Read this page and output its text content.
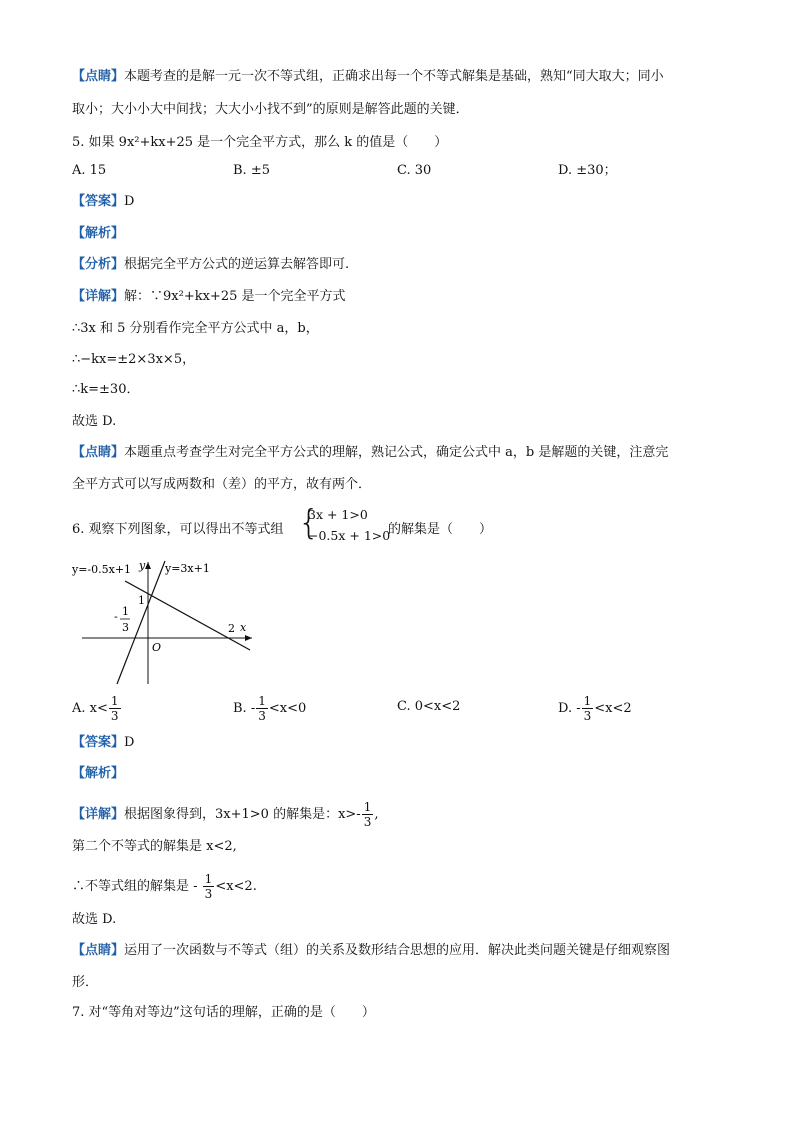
【点睛】本题考查的是解一元一次不等式组，正确求出每一个不等式解集是基础，熟知“同大取大；同小
取小；大小小大中间找；大大小小找不到”的原则是解答此题的关键．
5. 如果 9x²+kx+25 是一个完全平方式，那么 k 的值是（　　）
A. 15	B. ±5	C. 30	D. ±30；
【答案】D
【解析】
【分析】根据完全平方公式的逆运算去解答即可.
【详解】解：∵9x²+kx+25 是一个完全平方式
∴3x 和 5 分别看作完全平方公式中 a，b，
∴−kx=±2×3x×5，
∴k=±30．
故选 D.
【点睛】本题重点考查学生对完全平方公式的理解，熟记公式，确定公式中 a，b 是解题的关键，注意完
全平方式可以写成两数和（差）的平方，故有两个．
6. 观察下列图象，可以得出不等式组 {
3x + 1>0
−0.5x + 1>0
的解集是（　　）
y=-0.5x+1 y y=3x+1
1
- 1
3	2 x
O
A. $x< \frac{1}{3}$	B. - $\frac{1}{3} <x<0$	C. 0<x<2	D. - $\frac{1}{3} <x<2$
【答案】D
【解析】
【详解】根据图象得到，3x+1>0 的解集是：$x>- \frac{1}{3}$ ,
第二个不等式的解集是 x<2,
∴不等式组的解集是 - $\frac{1}{3} <x<2$.
故选 D.
【点睛】运用了一次函数与不等式（组）的关系及数形结合思想的应用．解决此类问题关键是仔细观察图
形．
7. 对“等角对等边”这句话的理解，正确的是（　　）
